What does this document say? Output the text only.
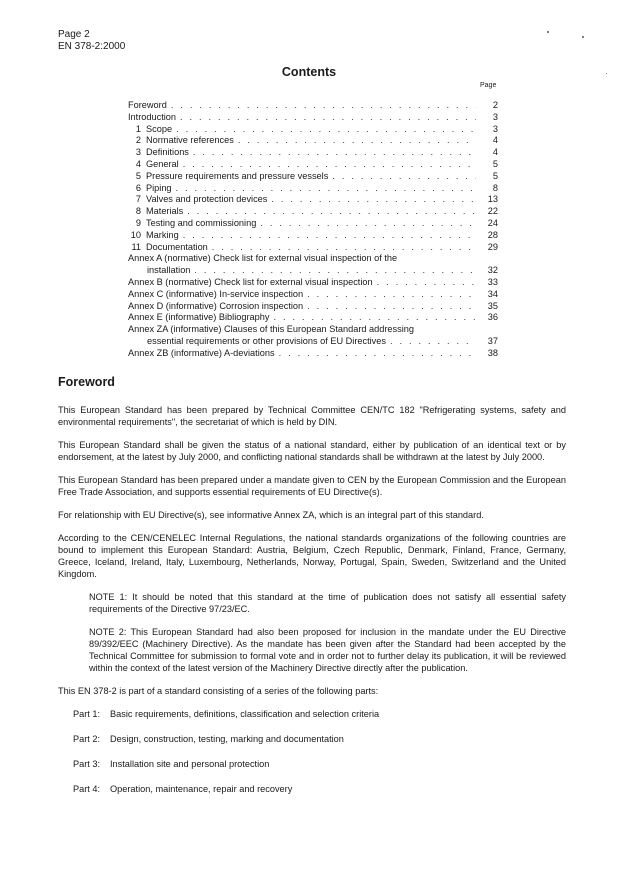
Page 2
EN 378-2:2000
Contents
Page
Foreword . . .	2
Introduction . . .	3
1 Scope . . .	3
2 Normative references . . .	4
3 Definitions . . .	4
4 General . . .	5
5 Pressure requirements and pressure vessels . . .	5
6 Piping . . .	8
7 Valves and protection devices . . .	13
8 Materials . . .	22
9 Testing and commissioning . . .	24
10 Marking . . .	28
11 Documentation . . .	29
Annex A (normative) Check list for external visual inspection of the
installation . . .	32
Annex B (normative) Check list for external visual inspection . . .	33
Annex C (informative) In-service inspection . . .	34
Annex D (informative) Corrosion inspection . . .	35
Annex E (informative) Bibliography . . .	36
Annex ZA (informative) Clauses of this European Standard addressing
essential requirements or other provisions of EU Directives . . .	37
Annex ZB (informative) A-deviations . . .	38
Foreword

This European Standard has been prepared by Technical Committee CEN/TC 182 "Refrigerating systems, safety and environmental requirements", the secretariat of which is held by DIN.

This European Standard shall be given the status of a national standard, either by publication of an identical text or by endorsement, at the latest by July 2000, and conflicting national standards shall be withdrawn at the latest by July 2000.

This European Standard has been prepared under a mandate given to CEN by the European Commission and the European Free Trade Association, and supports essential requirements of EU Directive(s).

For relationship with EU Directive(s), see informative Annex ZA, which is an integral part of this standard.

According to the CEN/CENELEC Internal Regulations, the national standards organizations of the following countries are bound to implement this European Standard: Austria, Belgium, Czech Republic, Denmark, Finland, France, Germany, Greece, Iceland, Ireland, Italy, Luxembourg, Netherlands, Norway, Portugal, Spain, Sweden, Switzerland and the United Kingdom.

NOTE 1: It should be noted that this standard at the time of publication does not satisfy all essential safety requirements of the Directive 97/23/EC.

NOTE 2: This European Standard had also been proposed for inclusion in the mandate under the EU Directive 89/392/EEC (Machinery Directive). As the mandate has been given after the Standard had been accepted by the Technical Committee for submission to formal vote and in order not to further delay its publication, it will be reviewed within the context of the latest version of the Machinery Directive directly after the publication.

This EN 378-2 is part of a standard consisting of a series of the following parts:

Part 1: Basic requirements, definitions, classification and selection criteria
Part 2: Design, construction, testing, marking and documentation
Part 3: Installation site and personal protection
Part 4: Operation, maintenance, repair and recovery
